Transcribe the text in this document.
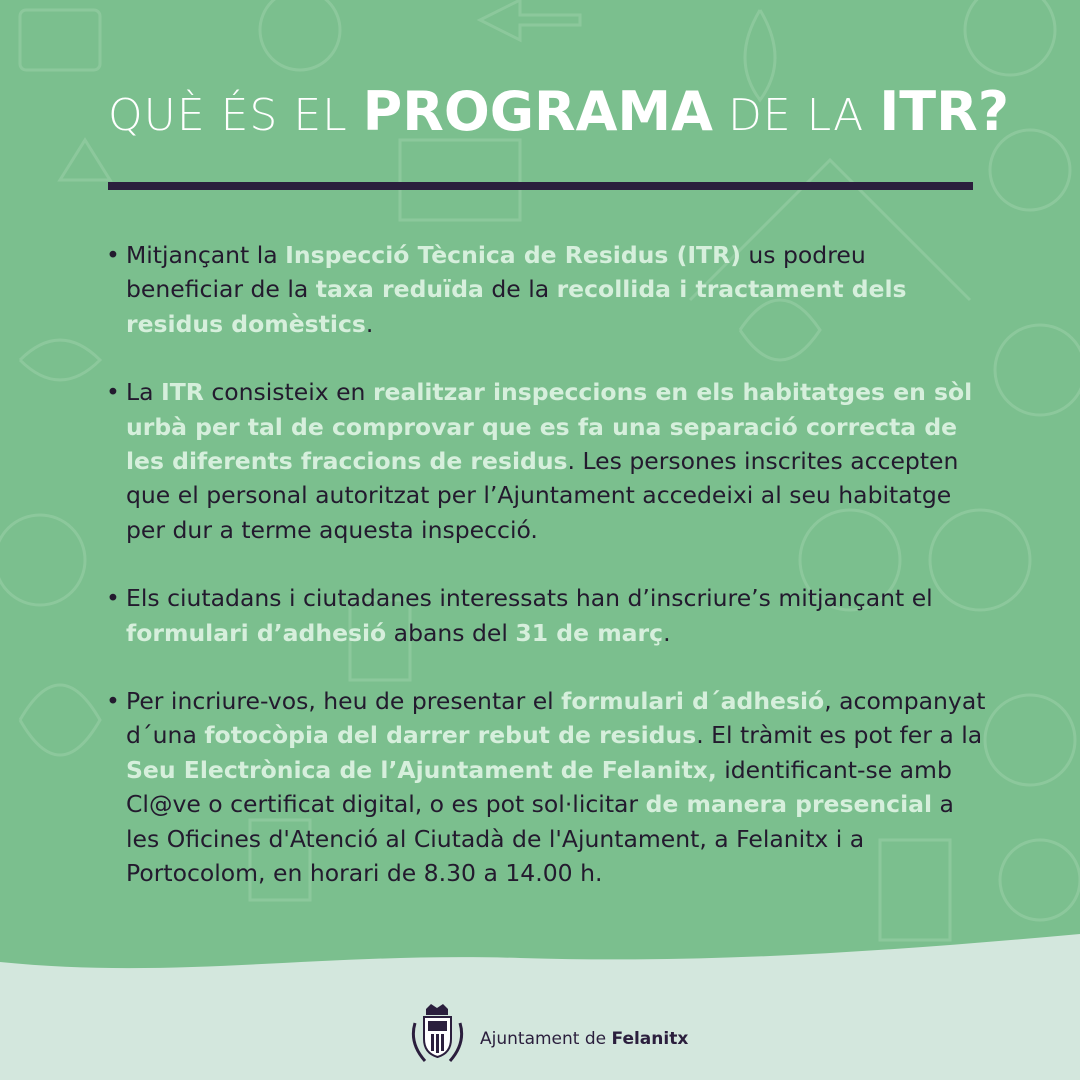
QUÈ ÉS EL PROGRAMA DE LA ITR?
• Mitjançant la Inspecció Tècnica de Residus (ITR) us podreu beneficiar de la taxa reduïda de la recollida i tractament dels residus domèstics.
• La ITR consisteix en realitzar inspeccions en els habitatges en sòl urbà per tal de comprovar que es fa una separació correcta de les diferents fraccions de residus. Les persones inscrites accepten que el personal autoritzat per l’Ajuntament accedeixi al seu habitatge per dur a terme aquesta inspecció.
• Els ciutadans i ciutadanes interessats han d’inscriure’s mitjançant el formulari d’adhesió abans del 31 de març.
• Per incriure-vos, heu de presentar el formulari d´adhesió, acompanyat d´una fotocòpia del darrer rebut de residus. El tràmit es pot fer a la Seu Electrònica de l’Ajuntament de Felanitx, identificant-se amb Cl@ve o certificat digital, o es pot sol·licitar de manera presencial a les Oficines d'Atenció al Ciutadà de l'Ajuntament, a Felanitx i a Portocolom, en horari de 8.30 a 14.00 h.
Ajuntament de Felanitx
